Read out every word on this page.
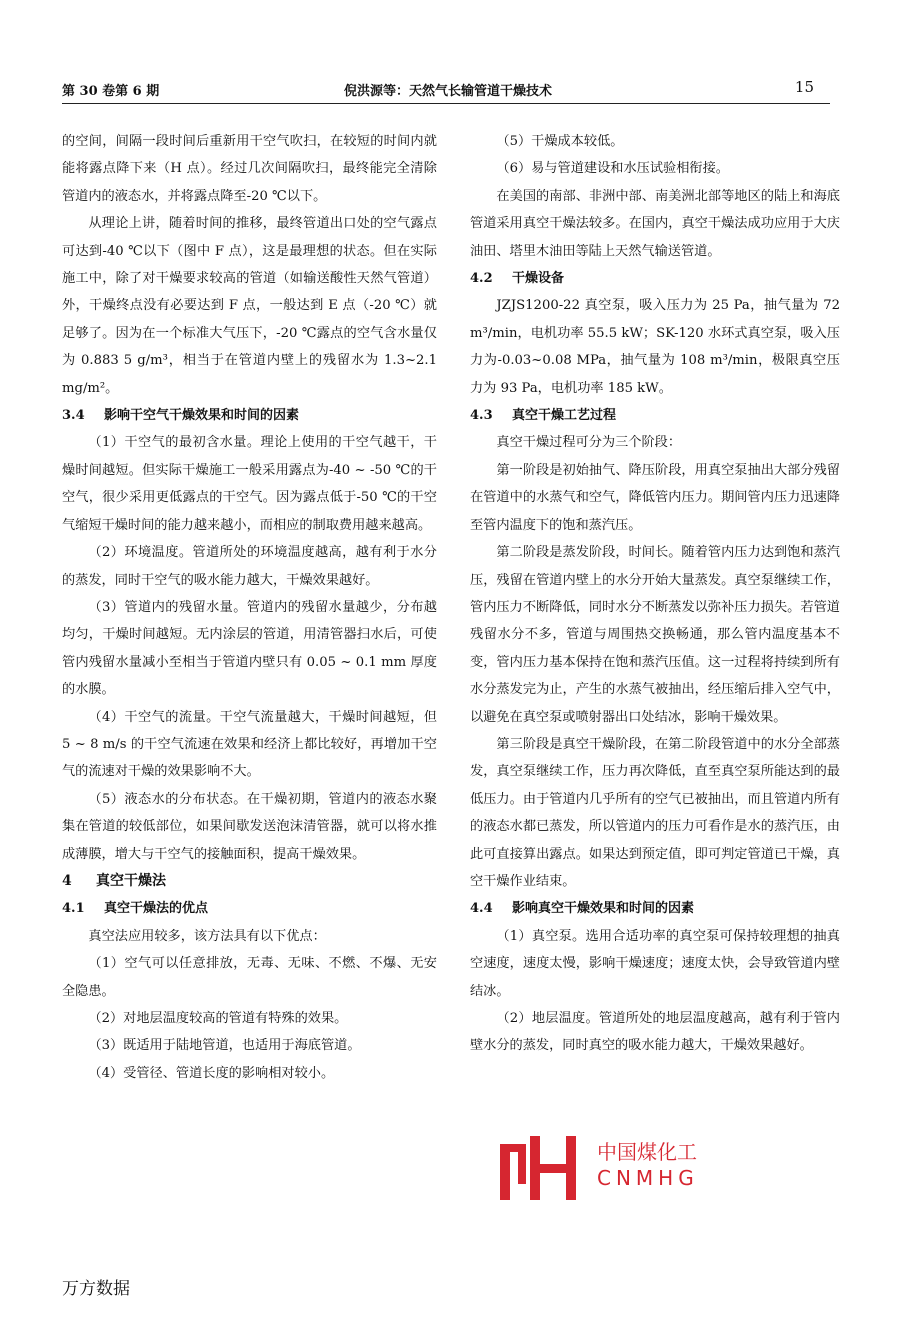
第 30 卷第 6 期	倪洪源等：天然气长输管道干燥技术	15

的空间，间隔一段时间后重新用干空气吹扫，在较短的时间内就能将露点降下来（H 点）。经过几次间隔吹扫，最终能完全清除管道内的液态水，并将露点降至-20 ℃以下。

从理论上讲，随着时间的推移，最终管道出口处的空气露点可达到-40 ℃以下（图中 F 点），这是最理想的状态。但在实际施工中，除了对干燥要求较高的管道（如输送酸性天然气管道）外，干燥终点没有必要达到 F 点，一般达到 E 点（-20 ℃）就足够了。因为在一个标准大气压下，-20 ℃露点的空气含水量仅为 0.883 5 g/m³，相当于在管道内壁上的残留水为 1.3~2.1 mg/m²。

3.4 影响干空气干燥效果和时间的因素

（1）干空气的最初含水量。理论上使用的干空气越干，干燥时间越短。但实际干燥施工一般采用露点为-40 ~ -50 ℃的干空气，很少采用更低露点的干空气。因为露点低于-50 ℃的干空气缩短干燥时间的能力越来越小，而相应的制取费用越来越高。

（2）环境温度。管道所处的环境温度越高，越有利于水分的蒸发，同时干空气的吸水能力越大，干燥效果越好。

（3）管道内的残留水量。管道内的残留水量越少，分布越均匀，干燥时间越短。无内涂层的管道，用清管器扫水后，可使管内残留水量减小至相当于管道内壁只有 0.05 ~ 0.1 mm 厚度的水膜。

（4）干空气的流量。干空气流量越大，干燥时间越短，但 5 ~ 8 m/s 的干空气流速在效果和经济上都比较好，再增加干空气的流速对干燥的效果影响不大。

（5）液态水的分布状态。在干燥初期，管道内的液态水聚集在管道的较低部位，如果间歇发送泡沫清管器，就可以将水推成薄膜，增大与干空气的接触面积，提高干燥效果。

4 真空干燥法
4.1 真空干燥法的优点

真空法应用较多，该方法具有以下优点：

（1）空气可以任意排放，无毒、无味、不燃、不爆、无安全隐患。

（2）对地层温度较高的管道有特殊的效果。

（3）既适用于陆地管道，也适用于海底管道。

（4）受管径、管道长度的影响相对较小。

（5）干燥成本较低。

（6）易与管道建设和水压试验相衔接。

在美国的南部、非洲中部、南美洲北部等地区的陆上和海底管道采用真空干燥法较多。在国内，真空干燥法成功应用于大庆油田、塔里木油田等陆上天然气输送管道。

4.2 干燥设备

JZJS1200-22 真空泵，吸入压力为 25 Pa，抽气量为 72 m³/min，电机功率 55.5 kW；SK-120 水环式真空泵，吸入压力为-0.03~0.08 MPa，抽气量为 108 m³/min，极限真空压力为 93 Pa，电机功率 185 kW。

4.3 真空干燥工艺过程

真空干燥过程可分为三个阶段：

第一阶段是初始抽气、降压阶段，用真空泵抽出大部分残留在管道中的水蒸气和空气，降低管内压力。期间管内压力迅速降至管内温度下的饱和蒸汽压。

第二阶段是蒸发阶段，时间长。随着管内压力达到饱和蒸汽压，残留在管道内壁上的水分开始大量蒸发。真空泵继续工作，管内压力不断降低，同时水分不断蒸发以弥补压力损失。若管道残留水分不多，管道与周围热交换畅通，那么管内温度基本不变，管内压力基本保持在饱和蒸汽压值。这一过程将持续到所有水分蒸发完为止，产生的水蒸气被抽出，经压缩后排入空气中，以避免在真空泵或喷射器出口处结冰，影响干燥效果。

第三阶段是真空干燥阶段，在第二阶段管道中的水分全部蒸发，真空泵继续工作，压力再次降低，直至真空泵所能达到的最低压力。由于管道内几乎所有的空气已被抽出，而且管道内所有的液态水都已蒸发，所以管道内的压力可看作是水的蒸汽压，由此可直接算出露点。如果达到预定值，即可判定管道已干燥，真空干燥作业结束。

4.4 影响真空干燥效果和时间的因素

（1）真空泵。选用合适功率的真空泵可保持较理想的抽真空速度，速度太慢，影响干燥速度；速度太快，会导致管道内壁结冰。

（2）地层温度。管道所处的地层温度越高，越有利于管内壁水分的蒸发，同时真空的吸水能力越大，干燥效果越好。

中国煤化工
CNMHG
万方数据
